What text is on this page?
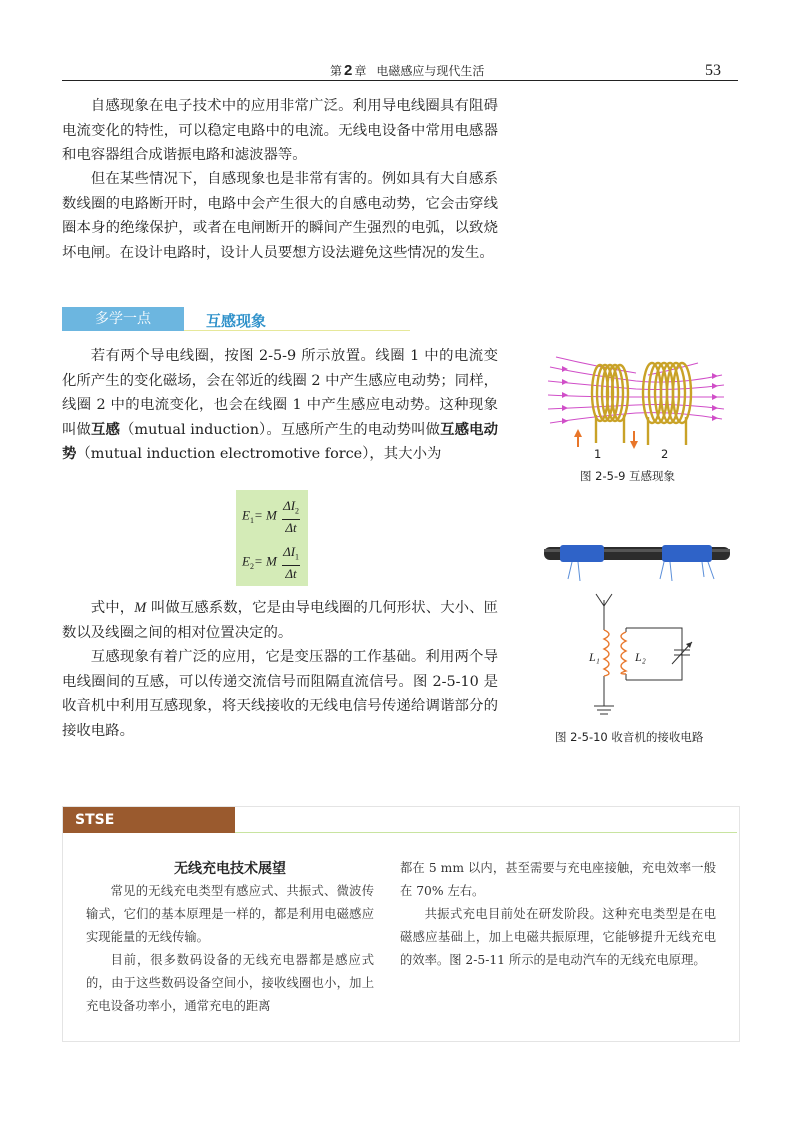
第 2 章 电磁感应与现代生活	53

自感现象在电子技术中的应用非常广泛。利用导电线圈具有阻碍电流变化的特性，可以稳定电路中的电流。无线电设备中常用电感器和电容器组合成谐振电路和滤波器等。

但在某些情况下，自感现象也是非常有害的。例如具有大自感系数线圈的电路断开时，电路中会产生很大的自感电动势，它会击穿线圈本身的绝缘保护，或者在电闸断开的瞬间产生强烈的电弧，以致烧坏电闸。在设计电路时，设计人员要想方设法避免这些情况的发生。

多学一点	互感现象

若有两个导电线圈，按图 2-5-9 所示放置。线圈 1 中的电流变化所产生的变化磁场，会在邻近的线圈 2 中产生感应电动势；同样，线圈 2 中的电流变化，也会在线圈 1 中产生感应电动势。这种现象叫做互感（mutual induction）。互感所产生的电动势叫做互感电动势（mutual induction electromotive force），其大小为

$E_1= M \frac{\Delta I_2}{\Delta t}$
$E_2= M \frac{\Delta I_1}{\Delta t}$

式中，M 叫做互感系数，它是由导电线圈的几何形状、大小、匝数以及线圈之间的相对位置决定的。

互感现象有着广泛的应用，它是变压器的工作基础。利用两个导电线圈间的互感，可以传递交流信号而阻隔直流信号。图 2-5-10 是收音机中利用互感现象，将天线接收的无线电信号传递给调谐部分的接收电路。

1	2
图 2-5-9 互感现象
L₁	L₂
图 2-5-10 收音机的接收电路
STSE
无线充电技术展望

常见的无线充电类型有感应式、共振式、微波传输式，它们的基本原理是一样的，都是利用电磁感应实现能量的无线传输。

目前，很多数码设备的无线充电器都是感应式的，由于这些数码设备空间小，接收线圈也小，加上充电设备功率小，通常充电的距离

都在 5 mm 以内，甚至需要与充电座接触，充电效率一般在 70% 左右。

共振式充电目前处在研发阶段。这种充电类型是在电磁感应基础上，加上电磁共振原理，它能够提升无线充电的效率。图 2-5-11 所示的是电动汽车的无线充电原理。
